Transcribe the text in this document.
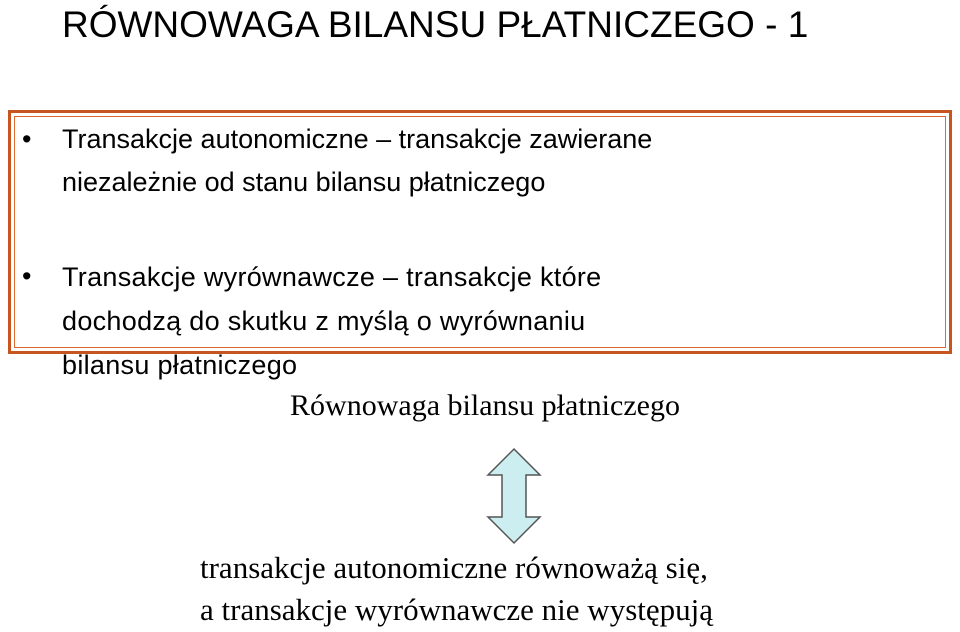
RÓWNOWAGA BILANSU PŁATNICZEGO - 1
•	Transakcje autonomiczne – transakcje zawierane
niezależnie od stanu bilansu płatniczego
•	Transakcje wyrównawcze – transakcje które
dochodzą do skutku z myślą o wyrównaniu
bilansu płatniczego
Równowaga bilansu płatniczego
transakcje autonomiczne równoważą się,
a transakcje wyrównawcze nie występują
